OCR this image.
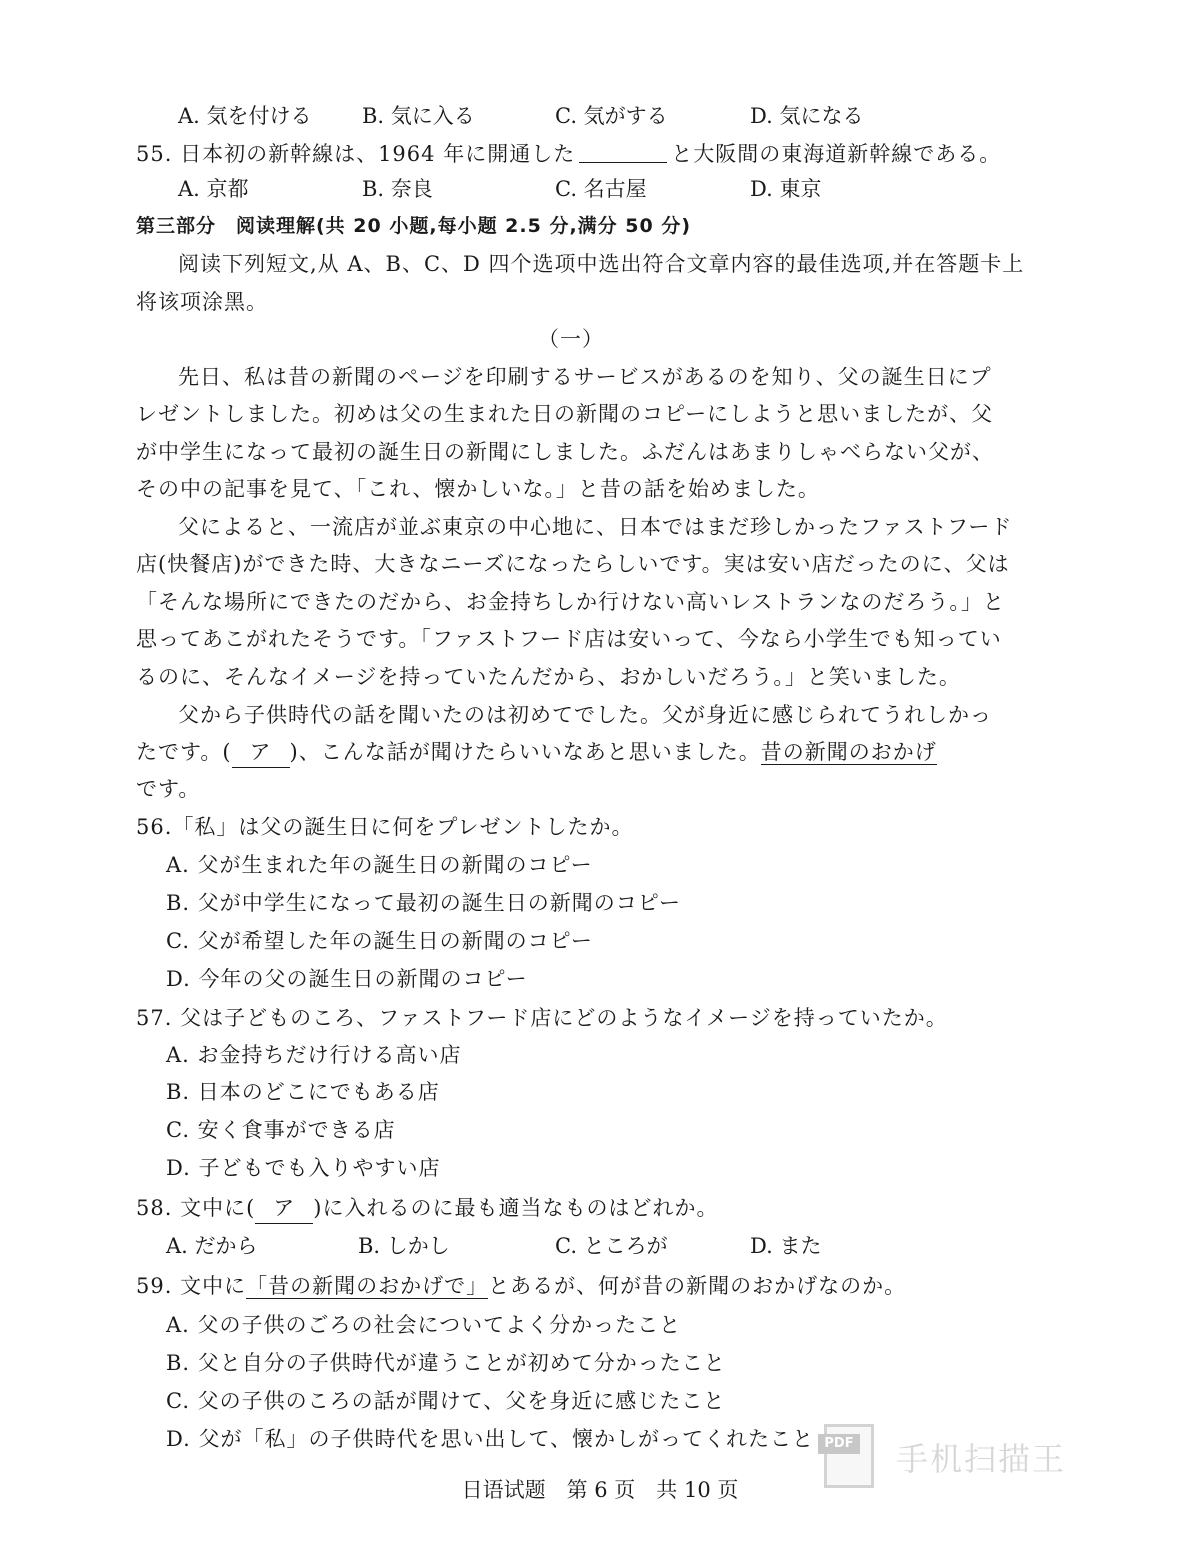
A. 気を付ける B. 気に入る	C. 気がする	D. 気になる
55. 日本初の新幹線は、1964 年に開通した	と大阪間の東海道新幹線である。
A. 京都	B. 奈良	C. 名古屋	D. 東京
第三部分　阅读理解(共 20 小题,每小题 2.5 分,满分 50 分)
阅读下列短文,从 A、B、C、D 四个选项中选出符合文章内容的最佳选项,并在答题卡上
将该项涂黑。
（一）
先日、私は昔の新聞のページを印刷するサービスがあるのを知り、父の誕生日にプ
レゼントしました。初めは父の生まれた日の新聞のコピーにしようと思いましたが、父
が中学生になって最初の誕生日の新聞にしました。ふだんはあまりしゃべらない父が、
その中の記事を見て、「これ、懐かしいな。」と昔の話を始めました。
父によると、一流店が並ぶ東京の中心地に、日本ではまだ珍しかったファストフード
店(快餐店)ができた時、大きなニーズになったらしいです。実は安い店だったのに、父は
「そんな場所にできたのだから、お金持ちしか行けない高いレストランなのだろう。」と
思ってあこがれたそうです。「ファストフード店は安いって、今なら小学生でも知ってい
るのに、そんなイメージを持っていたんだから、おかしいだろう。」と笑いました。
父から子供時代の話を聞いたのは初めてでした。父が身近に感じられてうれしかっ
たです。( ア )、こんな話が聞けたらいいなあと思いました。昔の新聞のおかげ
です。
56.「私」は父の誕生日に何をプレゼントしたか。
A. 父が生まれた年の誕生日の新聞のコピー
B. 父が中学生になって最初の誕生日の新聞のコピー
C. 父が希望した年の誕生日の新聞のコピー
D. 今年の父の誕生日の新聞のコピー
57. 父は子どものころ、ファストフード店にどのようなイメージを持っていたか。
A. お金持ちだけ行ける高い店
B. 日本のどこにでもある店
C. 安く食事ができる店
D. 子どもでも入りやすい店
58. 文中に( ア )に入れるのに最も適当なものはどれか。
A. だから	B. しかし	C. ところが	D. また
59. 文中に「昔の新聞のおかげで」とあるが、何が昔の新聞のおかげなのか。
A. 父の子供のごろの社会についてよく分かったこと
B. 父と自分の子供時代が違うことが初めて分かったこと
C. 父の子供のころの話が聞けて、父を身近に感じたこと
D. 父が「私」の子供時代を思い出して、懐かしがってくれたこと
日语试题　第 6 页　共 10 页
PDF 手机扫描王
